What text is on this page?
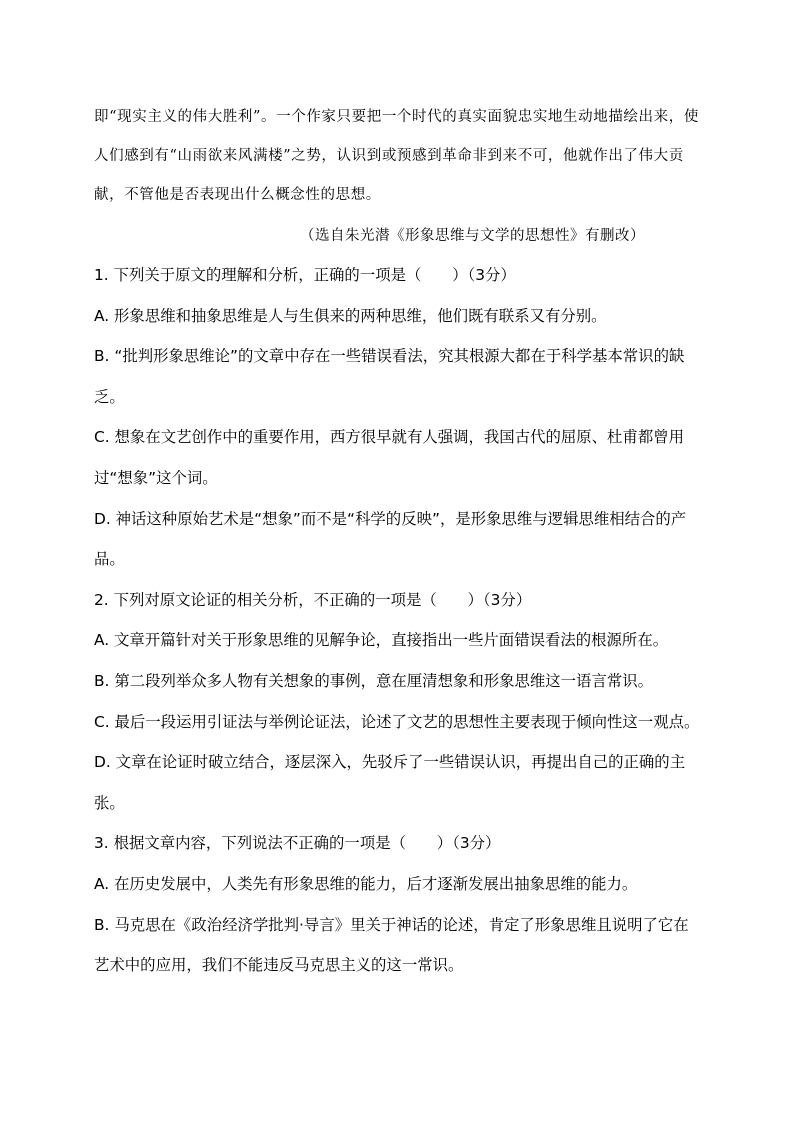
即“现实主义的伟大胜利”。一个作家只要把一个时代的真实面貌忠实地生动地描绘出来，使人们感到有“山雨欲来风满楼”之势，认识到或预感到革命非到来不可，他就作出了伟大贡献，不管他是否表现出什么概念性的思想。

（选自朱光潜《形象思维与文学的思想性》有删改）

1. 下列关于原文的理解和分析，正确的一项是（　　）（3分）

A. 形象思维和抽象思维是人与生俱来的两种思维，他们既有联系又有分别。

B. “批判形象思维论”的文章中存在一些错误看法，究其根源大都在于科学基本常识的缺乏。

C. 想象在文艺创作中的重要作用，西方很早就有人强调，我国古代的屈原、杜甫都曾用过“想象”这个词。

D. 神话这种原始艺术是“想象”而不是“科学的反映”，是形象思维与逻辑思维相结合的产品。

2. 下列对原文论证的相关分析，不正确的一项是（　　）（3分）

A. 文章开篇针对关于形象思维的见解争论，直接指出一些片面错误看法的根源所在。

B. 第二段列举众多人物有关想象的事例，意在厘清想象和形象思维这一语言常识。

C. 最后一段运用引证法与举例论证法，论述了文艺的思想性主要表现于倾向性这一观点。

D. 文章在论证时破立结合，逐层深入，先驳斥了一些错误认识，再提出自己的正确的主张。

3. 根据文章内容，下列说法不正确的一项是（　　）（3分）

A. 在历史发展中，人类先有形象思维的能力，后才逐渐发展出抽象思维的能力。

B. 马克思在《政治经济学批判·导言》里关于神话的论述，肯定了形象思维且说明了它在艺术中的应用，我们不能违反马克思主义的这一常识。
